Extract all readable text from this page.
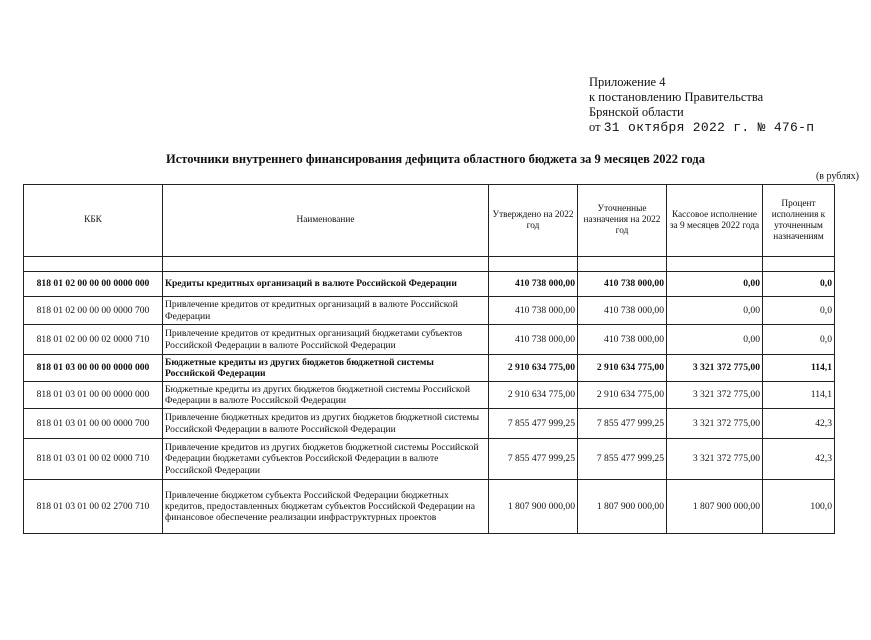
Приложение 4
к постановлению Правительства
Брянской области
от 31 октября 2022 г. № 476-п
Источники внутреннего финансирования дефицита областного бюджета за 9 месяцев 2022 года
(в рублях)
КБК	Наименование	Утверждено на 2022 год	Уточненные назначения на 2022 год	Кассовое исполнение за 9 месяцев 2022 года	Процент исполнения к уточненным назначениям

818 01 02 00 00 00 0000 000	Кредиты кредитных организаций в валюте Российской Федерации	410 738 000,00	410 738 000,00	0,00	0,0
818 01 02 00 00 00 0000 700	Привлечение кредитов от кредитных организаций в валюте Российской Федерации	410 738 000,00	410 738 000,00	0,00	0,0
818 01 02 00 00 02 0000 710	Привлечение кредитов от кредитных организаций бюджетами субъектов Российской Федерации в валюте Российской Федерации	410 738 000,00	410 738 000,00	0,00	0,0
818 01 03 00 00 00 0000 000	Бюджетные кредиты из других бюджетов бюджетной системы Российской Федерации	2 910 634 775,00	2 910 634 775,00	3 321 372 775,00	114,1
818 01 03 01 00 00 0000 000	Бюджетные кредиты из других бюджетов бюджетной системы Российской Федерации в валюте Российской Федерации	2 910 634 775,00	2 910 634 775,00	3 321 372 775,00	114,1
818 01 03 01 00 00 0000 700	Привлечение бюджетных кредитов из других бюджетов бюджетной системы Российской Федерации в валюте Российской Федерации	7 855 477 999,25	7 855 477 999,25	3 321 372 775,00	42,3
818 01 03 01 00 02 0000 710	Привлечение кредитов из других бюджетов бюджетной системы Российской Федерации бюджетами субъектов Российской Федерации в валюте Российской Федерации	7 855 477 999,25	7 855 477 999,25	3 321 372 775,00	42,3
818 01 03 01 00 02 2700 710	Привлечение бюджетом субъекта Российской Федерации бюджетных кредитов, предоставленных бюджетам субъектов Российской Федерации на финансовое обеспечение реализации инфраструктурных проектов	1 807 900 000,00	1 807 900 000,00	1 807 900 000,00	100,0
